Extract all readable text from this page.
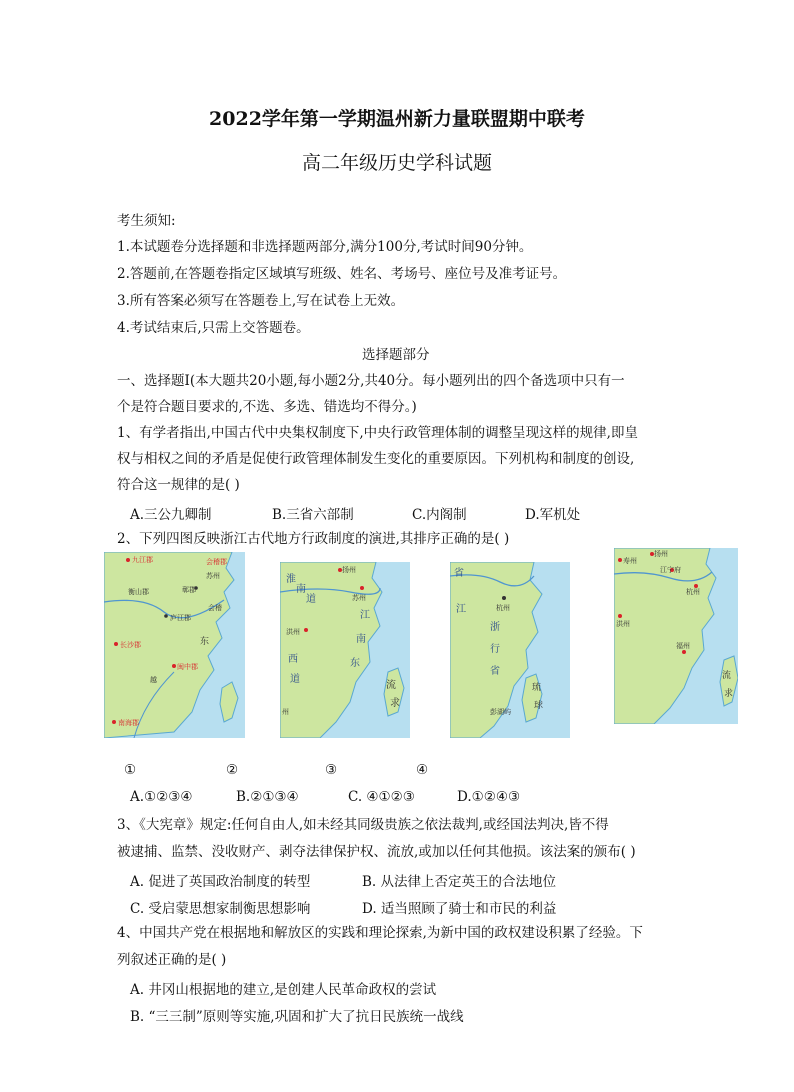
2022学年第一学期温州新力量联盟期中联考
高二年级历史学科试题
考生须知:
1.本试题卷分选择题和非选择题两部分,满分100分,考试时间90分钟。
2.答题前,在答题卷指定区域填写班级、姓名、考场号、座位号及准考证号。
3.所有答案必须写在答题卷上,写在试卷上无效。
4.考试结束后,只需上交答题卷。
选择题部分
一、选择题I(本大题共20小题,每小题2分,共40分。每小题列出的四个备选项中只有一
个是符合题目要求的,不选、多选、错选均不得分。)
1、有学者指出,中国古代中央集权制度下,中央行政管理体制的调整呈现这样的规律,即皇
权与相权之间的矛盾是促使行政管理体制发生变化的重要原因。下列机构和制度的创设,
符合这一规律的是( )
A.三公九卿制	B.三省六部制	C.内阁制	D.军机处
2、下列四图反映浙江古代地方行政制度的演进,其排序正确的是( )
九江郡	会稽郡
衡山郡
苏州
鄣郡
会稽
庐江郡
东
长沙郡
闽中郡
越
南海郡
扬州
淮
南
道	苏州
江
南
东
洪州
西
道
流
求
州
省
江	杭州
浙
行
省
琉
球
彭湖屿
扬州
寿州
江宁府
杭州
洪州
福州
流
求
①	②	③	④
A.①②③④	B.②①③④	C. ④①②③	D.①②④③
3、《大宪章》规定:任何自由人,如未经其同级贵族之依法裁判,或经国法判决,皆不得
被逮捕、监禁、没收财产、剥夺法律保护权、流放,或加以任何其他损。该法案的颁布( )
A. 促进了英国政治制度的转型	B. 从法律上否定英王的合法地位
C. 受启蒙思想家制衡思想影响	D. 适当照顾了骑士和市民的利益
4、中国共产党在根据地和解放区的实践和理论探索,为新中国的政权建设积累了经验。下
列叙述正确的是( )
A. 井冈山根据地的建立,是创建人民革命政权的尝试
B. “三三制”原则等实施,巩固和扩大了抗日民族统一战线
